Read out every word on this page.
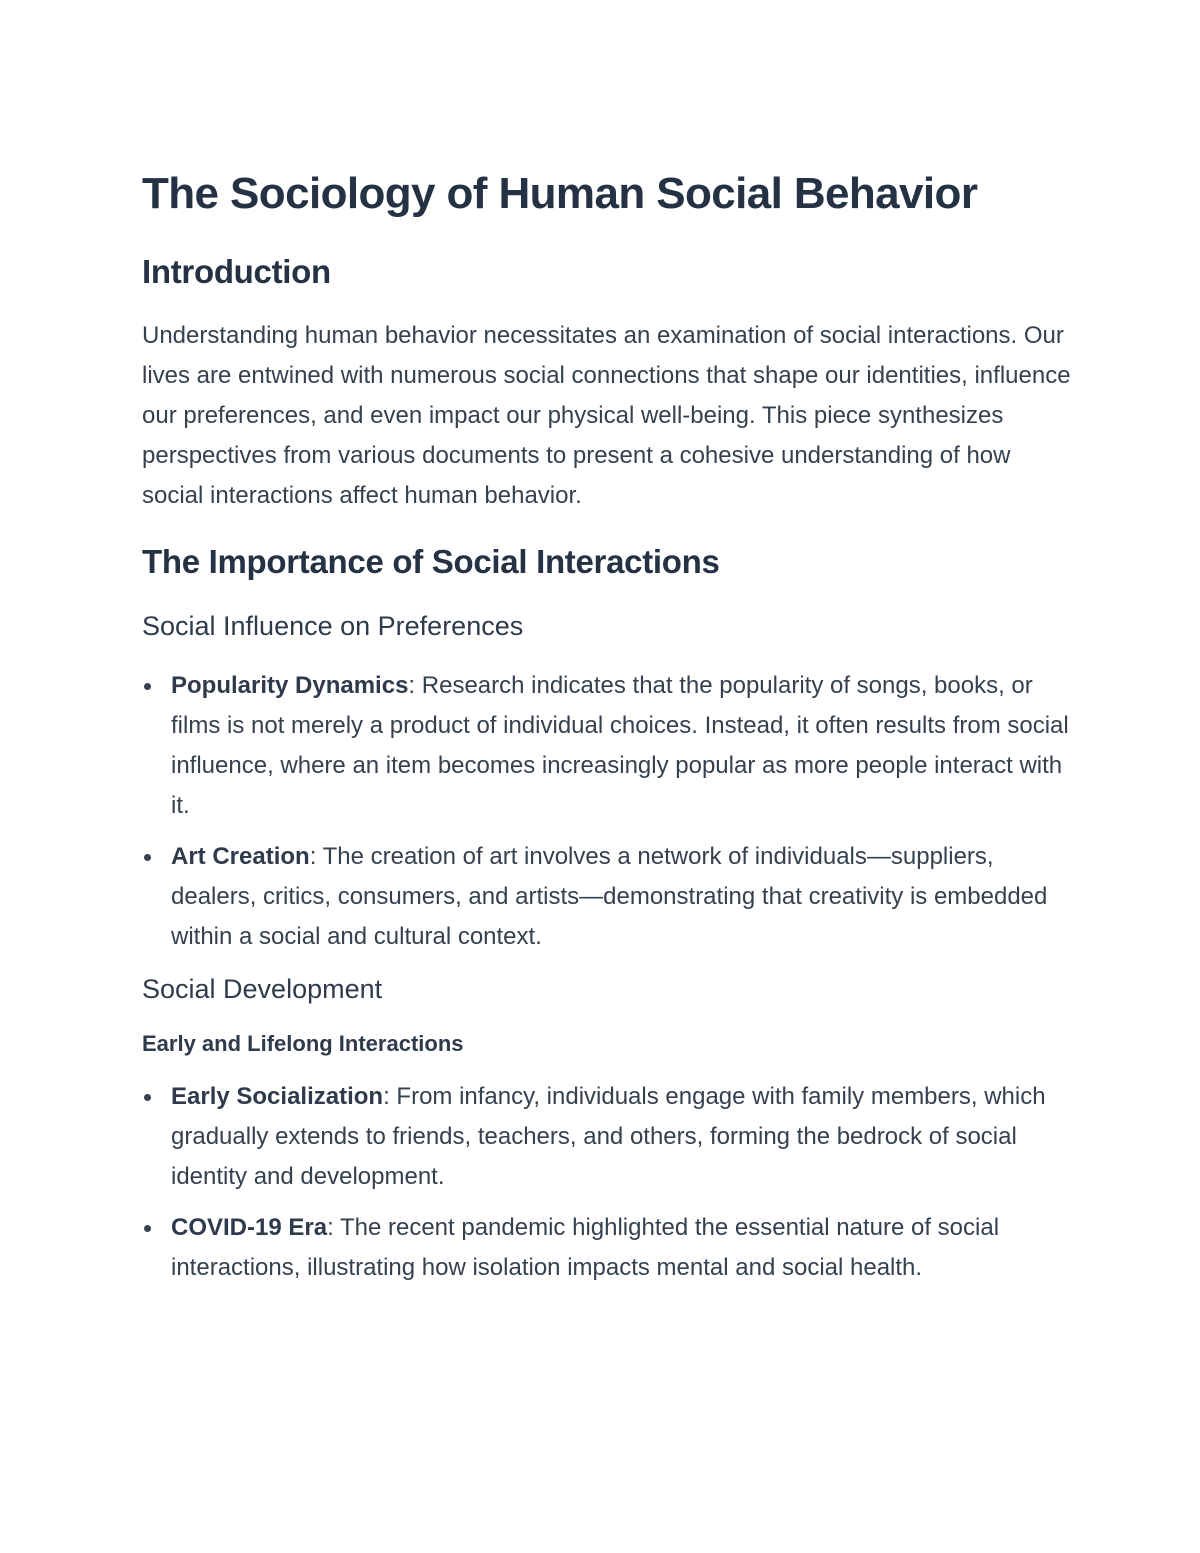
The Sociology of Human Social Behavior
Introduction

Understanding human behavior necessitates an examination of social interactions. Our lives are entwined with numerous social connections that shape our identities, influence our preferences, and even impact our physical well-being. This piece synthesizes perspectives from various documents to present a cohesive understanding of how social interactions affect human behavior.

The Importance of Social Interactions
Social Influence on Preferences
Popularity Dynamics: Research indicates that the popularity of songs, books, or films is not merely a product of individual choices. Instead, it often results from social influence, where an item becomes increasingly popular as more people interact with it.
Art Creation: The creation of art involves a network of individuals—suppliers, dealers, critics, consumers, and artists—demonstrating that creativity is embedded within a social and cultural context.
Social Development
Early and Lifelong Interactions
Early Socialization: From infancy, individuals engage with family members, which gradually extends to friends, teachers, and others, forming the bedrock of social identity and development.
COVID-19 Era: The recent pandemic highlighted the essential nature of social interactions, illustrating how isolation impacts mental and social health.
